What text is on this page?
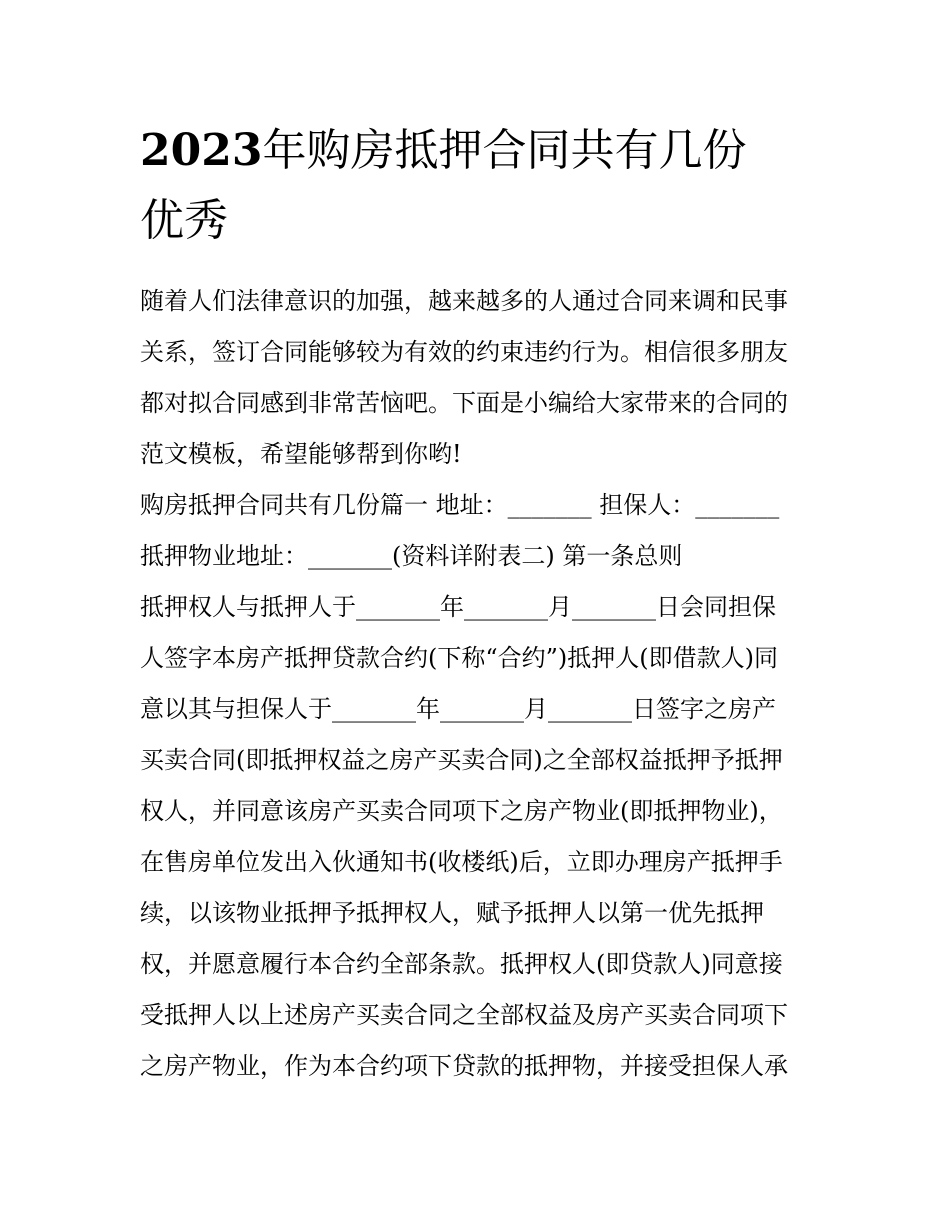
2023年购房抵押合同共有几份
优秀
随着人们法律意识的加强，越来越多的人通过合同来调和民事
关系，签订合同能够较为有效的约束违约行为。相信很多朋友
都对拟合同感到非常苦恼吧。下面是小编给大家带来的合同的
范文模板，希望能够帮到你哟!
购房抵押合同共有几份篇一 地址：_______ 担保人：_______
抵押物业地址：_______(资料详附表二) 第一条总则
抵押权人与抵押人于_______年_______月_______日会同担保
人签字本房产抵押贷款合约(下称“合约”)抵押人(即借款人)同
意以其与担保人于_______年_______月_______日签字之房产
买卖合同(即抵押权益之房产买卖合同)之全部权益抵押予抵押
权人，并同意该房产买卖合同项下之房产物业(即抵押物业)，
在售房单位发出入伙通知书(收楼纸)后，立即办理房产抵押手
续，以该物业抵押予抵押权人，赋予抵押人以第一优先抵押
权，并愿意履行本合约全部条款。抵押权人(即贷款人)同意接
受抵押人以上述房产买卖合同之全部权益及房产买卖合同项下
之房产物业，作为本合约项下贷款的抵押物，并接受担保人承
